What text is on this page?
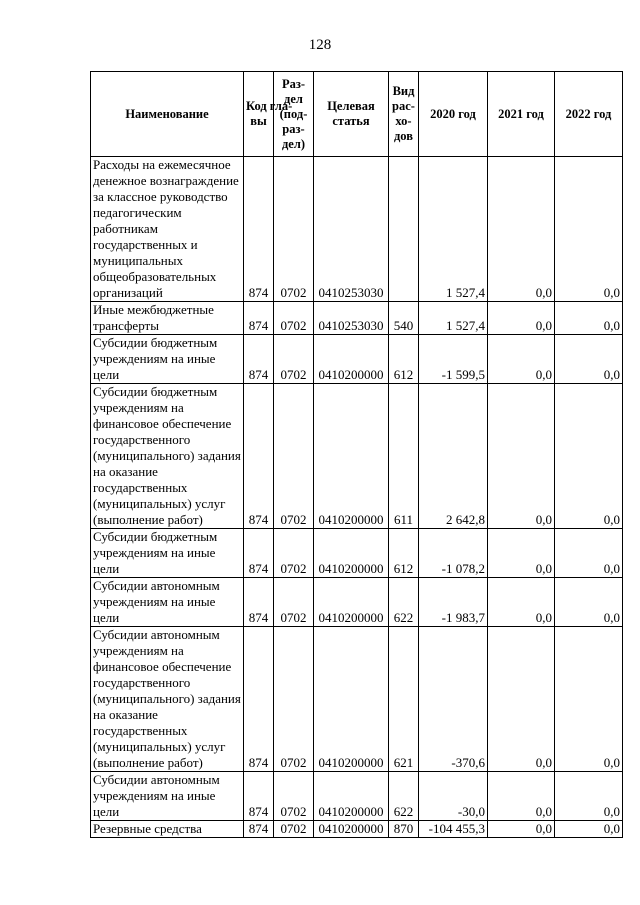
128
Наименование	Код гла-вы	Раз-дел (под-раз-дел)	Целевая статья	Вид рас-хо-дов	2020 год	2021 год	2022 год
Расходы на ежемесячное денежное вознаграждение за классное руководство педагогическим работникам государственных и муниципальных общеобразовательных организаций	874	0702	0410253030		1 527,4	0,0	0,0
Иные межбюджетные трансферты	874	0702	0410253030	540	1 527,4	0,0	0,0
Субсидии бюджетным учреждениям на иные цели	874	0702	0410200000	612	-1 599,5	0,0	0,0
Субсидии бюджетным учреждениям на финансовое обеспечение государственного (муниципального) задания на оказание государственных (муниципальных) услуг (выполнение работ)	874	0702	0410200000	611	2 642,8	0,0	0,0
Субсидии бюджетным учреждениям на иные цели	874	0702	0410200000	612	-1 078,2	0,0	0,0
Субсидии автономным учреждениям на иные цели	874	0702	0410200000	622	-1 983,7	0,0	0,0
Субсидии автономным учреждениям на финансовое обеспечение государственного (муниципального) задания на оказание государственных (муниципальных) услуг (выполнение работ)	874	0702	0410200000	621	-370,6	0,0	0,0
Субсидии автономным учреждениям на иные цели	874	0702	0410200000	622	-30,0	0,0	0,0
Резервные средства	874	0702	0410200000	870	-104 455,3	0,0	0,0
